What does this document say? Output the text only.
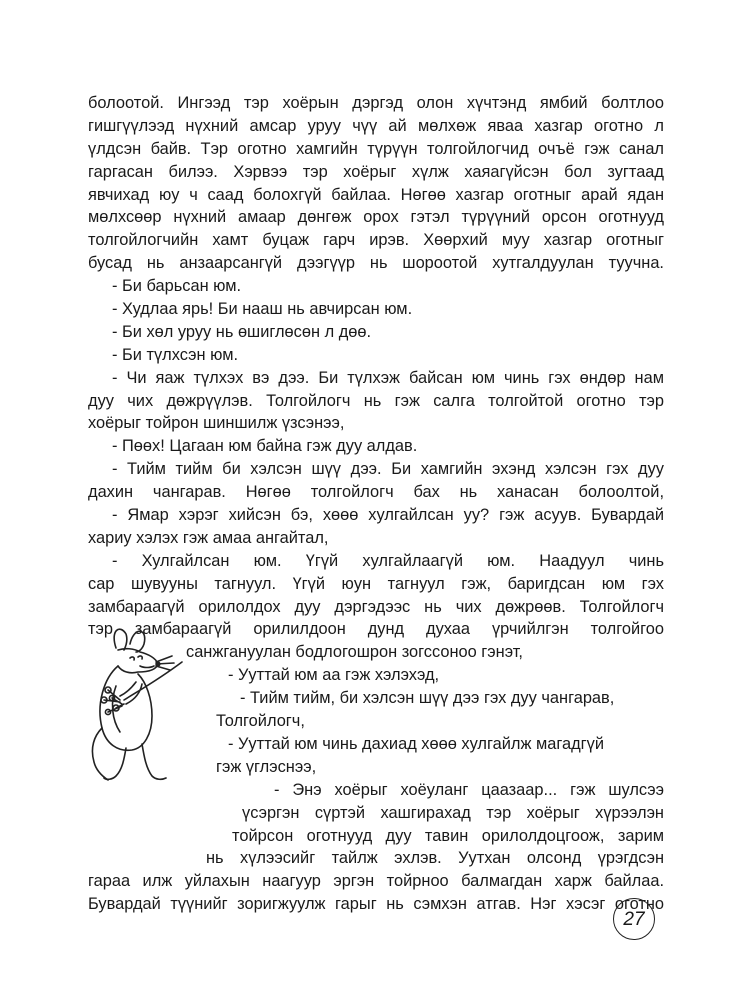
болоотой. Ингээд тэр хоёрын дэргэд олон хүчтэнд ямбий болтлоо
гишгүүлээд нүхний амсар уруу чүү ай мөлхөж яваа хазгар оготно л
үлдсэн байв. Тэр оготно хамгийн түрүүн толгойлогчид очъё гэж санал
гаргасан билээ. Хэрвээ тэр хоёрыг хүлж хаяагүйсэн бол зугтаад
явчихад юу ч саад болохгүй байлаа. Нөгөө хазгар оготныг арай ядан
мөлхсөөр нүхний амаар дөнгөж орох гэтэл түрүүний орсон оготнууд
толгойлогчийн хамт буцаж гарч ирэв. Хөөрхий муу хазгар оготныг
бусад нь анзаарсангүй дээгүүр нь шороотой хутгалдуулан туучна.
- Би барьсан юм.
- Худлаа ярь! Би нааш нь авчирсан юм.
- Би хөл уруу нь өшиглөсөн л дөө.
- Би түлхсэн юм.
- Чи яаж түлхэх вэ дээ. Би түлхэж байсан юм чинь гэх өндөр нам
дуу чих дөжрүүлэв. Толгойлогч нь гэж салга толгойтой оготно тэр
хоёрыг тойрон шиншилж үзсэнээ,
- Пөөх! Цагаан юм байна гэж дуу алдав.
- Тийм тийм би хэлсэн шүү дээ. Би хамгийн эхэнд хэлсэн гэх дуу
дахин чангарав. Нөгөө толгойлогч бах нь ханасан болоолтой,
- Ямар хэрэг хийсэн бэ, хөөө хулгайлсан уу? гэж асуув. Бувардай
хариу хэлэх гэж амаа ангайтал,
- Хулгайлсан юм. Үгүй хулгайлаагүй юм. Наадуул чинь
сар шувууны тагнуул. Үгүй юун тагнуул гэж, баригдсан юм гэх
замбараагүй орилолдох дуу дэргэдээс нь чих дөжрөөв. Толгойлогч
тэр замбараагүй орилилдоон дунд духаа үрчийлгэн толгойгоо
санжгануулан бодлогошрон зогссоноо гэнэт,
- Ууттай юм аа гэж хэлэхэд,
- Тийм тийм, би хэлсэн шүү дээ гэх дуу чангарав,
Толгойлогч,
- Ууттай юм чинь дахиад хөөө хулгайлж магадгүй
гэж үглэснээ,
- Энэ хоёрыг хоёуланг цаазаар... гэж шулсээ
үсэргэн сүртэй хашгирахад тэр хоёрыг хүрээлэн
тойрсон оготнууд дуу тавин орилолдоцгоож, зарим
нь хүлээсийг тайлж эхлэв. Уутхан олсонд үрэгдсэн
гараа илж уйлахын наагуур эргэн тойрноо балмагдан харж байлаа.
Бувардай түүнийг зоригжуулж гарыг нь сэмхэн атгав. Нэг хэсэг оготно
27
